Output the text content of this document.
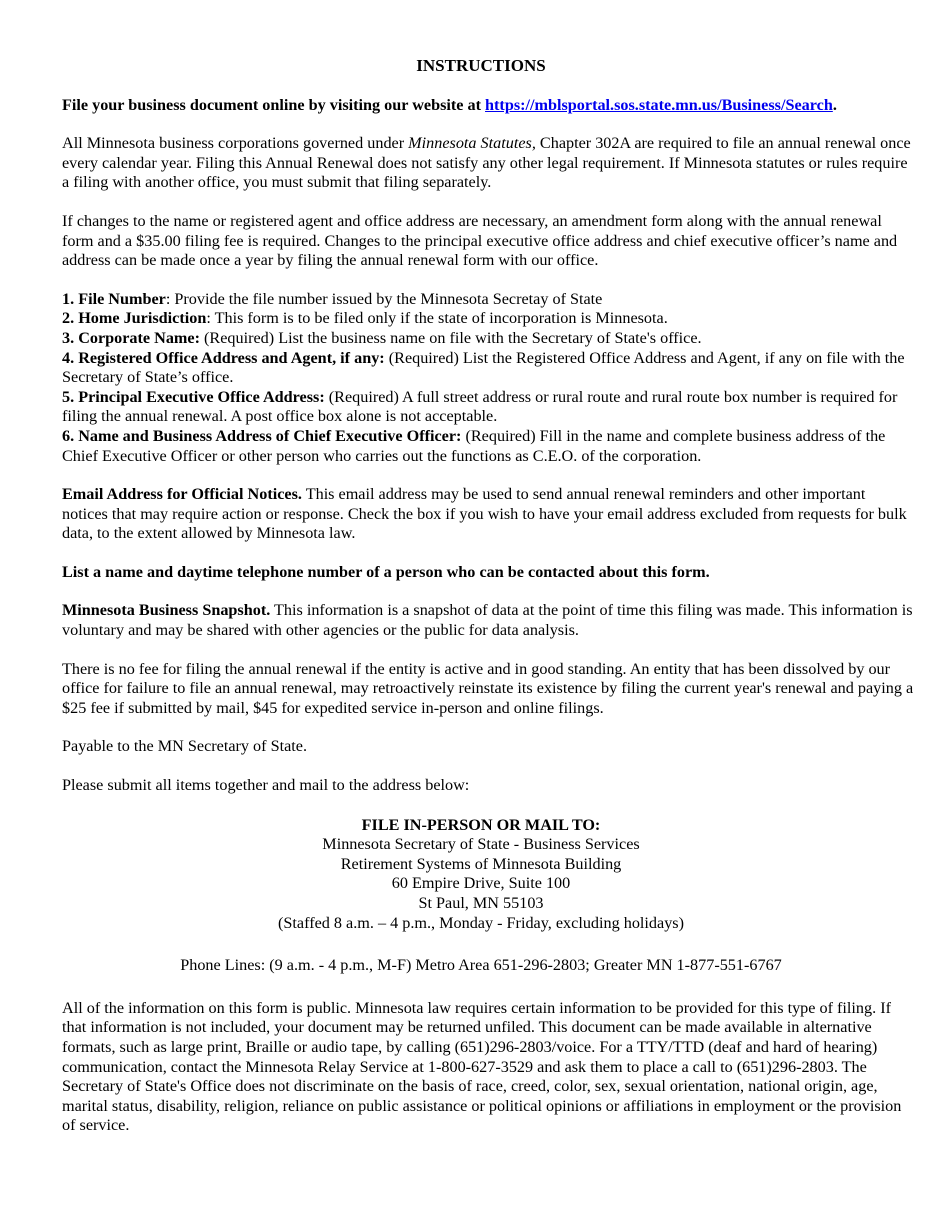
INSTRUCTIONS

File your business document online by visiting our website at https://mblsportal.sos.state.mn.us/Business/Search.

All Minnesota business corporations governed under Minnesota Statutes, Chapter 302A are required to file an annual renewal once every calendar year. Filing this Annual Renewal does not satisfy any other legal requirement. If Minnesota statutes or rules require a filing with another office, you must submit that filing separately.

If changes to the name or registered agent and office address are necessary, an amendment form along with the annual renewal form and a $35.00 filing fee is required. Changes to the principal executive office address and chief executive officer’s name and address can be made once a year by filing the annual renewal form with our office.

1. File Number: Provide the file number issued by the Minnesota Secretay of State

2. Home Jurisdiction: This form is to be filed only if the state of incorporation is Minnesota.

3. Corporate Name: (Required) List the business name on file with the Secretary of State's office.

4. Registered Office Address and Agent, if any: (Required) List the Registered Office Address and Agent, if any on file with the Secretary of State’s office.

5. Principal Executive Office Address: (Required) A full street address or rural route and rural route box number is required for filing the annual renewal. A post office box alone is not acceptable.

6. Name and Business Address of Chief Executive Officer: (Required) Fill in the name and complete business address of the Chief Executive Officer or other person who carries out the functions as C.E.O. of the corporation.

Email Address for Official Notices. This email address may be used to send annual renewal reminders and other important notices that may require action or response. Check the box if you wish to have your email address excluded from requests for bulk data, to the extent allowed by Minnesota law.

List a name and daytime telephone number of a person who can be contacted about this form.

Minnesota Business Snapshot. This information is a snapshot of data at the point of time this filing was made. This information is voluntary and may be shared with other agencies or the public for data analysis.

There is no fee for filing the annual renewal if the entity is active and in good standing. An entity that has been dissolved by our office for failure to file an annual renewal, may retroactively reinstate its existence by filing the current year's renewal and paying a $25 fee if submitted by mail, $45 for expedited service in-person and online filings.

Payable to the MN Secretary of State.

Please submit all items together and mail to the address below:

FILE IN-PERSON OR MAIL TO:

Minnesota Secretary of State - Business Services

Retirement Systems of Minnesota Building

60 Empire Drive, Suite 100

St Paul, MN 55103

(Staffed 8 a.m. – 4 p.m., Monday - Friday, excluding holidays)

Phone Lines: (9 a.m. - 4 p.m., M-F) Metro Area 651-296-2803; Greater MN 1-877-551-6767

All of the information on this form is public. Minnesota law requires certain information to be provided for this type of filing. If that information is not included, your document may be returned unfiled. This document can be made available in alternative formats, such as large print, Braille or audio tape, by calling (651)296-2803/voice. For a TTY/TTD (deaf and hard of hearing) communication, contact the Minnesota Relay Service at 1-800-627-3529 and ask them to place a call to (651)296-2803. The Secretary of State's Office does not discriminate on the basis of race, creed, color, sex, sexual orientation, national origin, age, marital status, disability, religion, reliance on public assistance or political opinions or affiliations in employment or the provision of service.
